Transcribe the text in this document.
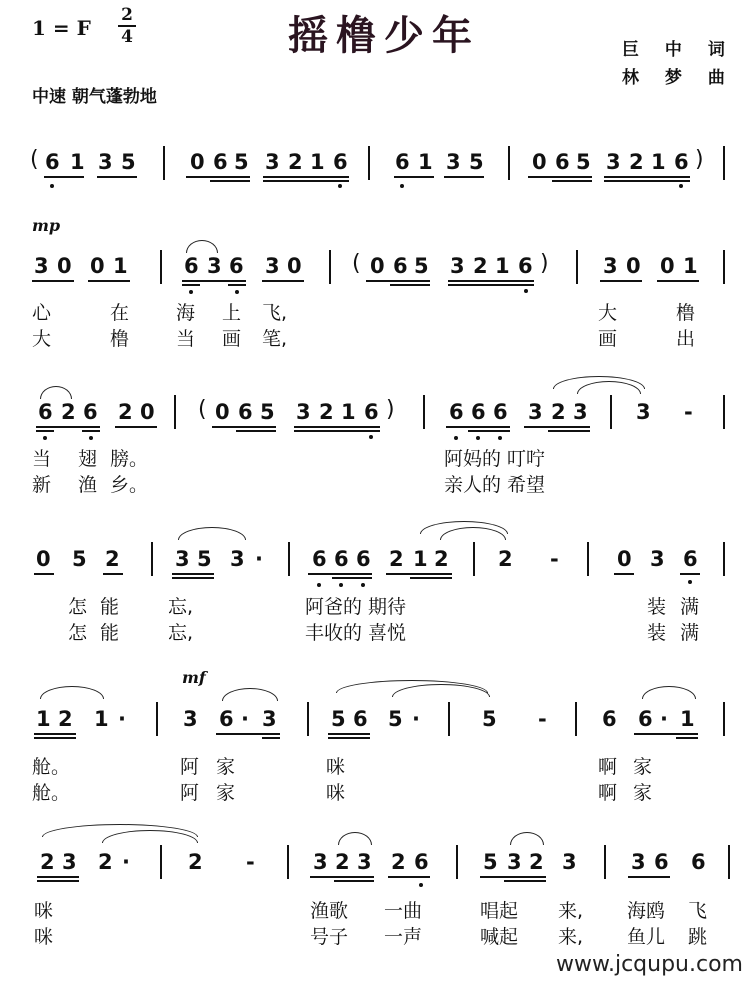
1 = F
2
4	摇橹少年
中速 朝气蓬勃地
巨 中 词
林 梦 曲
( 6 1 3 5	0 6 5 3 2 1 6 6 1 3 5 0 6 5 3 2 1 6 )
mp
3 0 0 1	6 3 6 3 0 ( 0 6 5 3 2 1 6 )	3 0 0 1
心	在 海 上 飞,	大	橹
大	橹 当 画 笔,	画	出
6 2 6 2 0 ( 0 6 5 3 2 1 6 )	6 6 6 3 2 3 3 -
当 翅 膀。	阿妈的 叮咛
新 渔 乡。	亲人的 希望
0 5 2	3 5 3 · 6 6 6 2 1 2 2 -	0 3 6
怎 能	忘,	阿爸的 期待	装 满
怎 能	忘,	丰收的 喜悦	装 满
1 2 1 ·
mf
3 6 · 3	5 6 5 ·	5 -	6 6 · 1
舱。	阿 家	咪	啊 家
舱。	阿 家	咪	啊 家
2 3 2 ·	2 -	3 2 3 2 6	5 3 2 3	3 6 6
咪	渔歌 一曲	唱起 来, 海鸥 飞
咪	号子 一声	喊起 来, 鱼儿 跳
www.jcqupu.com
